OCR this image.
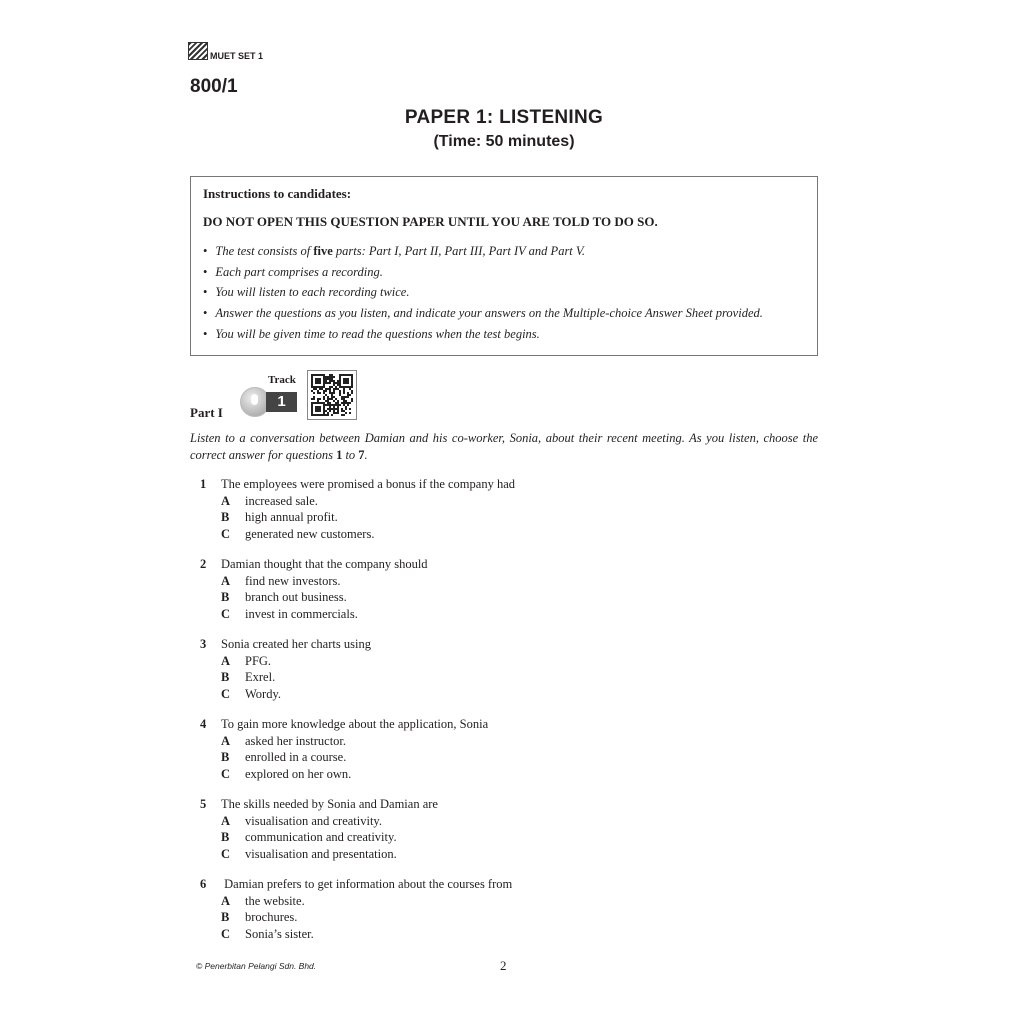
MUET SET 1
800/1
PAPER 1: LISTENING
(Time: 50 minutes)
Instructions to candidates:
DO NOT OPEN THIS QUESTION PAPER UNTIL YOU ARE TOLD TO DO SO.
• The test consists of five parts: Part I, Part II, Part III, Part IV and Part V.
• Each part comprises a recording.
• You will listen to each recording twice.
• Answer the questions as you listen, and indicate your answers on the Multiple-choice Answer Sheet provided.
• You will be given time to read the questions when the test begins.
Part I
Track
1
Listen to a conversation between Damian and his co-worker, Sonia, about their recent meeting. As you listen, choose the correct answer for questions 1 to 7.
1 The employees were promised a bonus if the company had
A increased sale.
B high annual profit.
C generated new customers.
2 Damian thought that the company should
A find new investors.
B branch out business.
C invest in commercials.
3 Sonia created her charts using
A PFG.
B Exrel.
C Wordy.
4 To gain more knowledge about the application, Sonia
A asked her instructor.
B enrolled in a course.
C explored on her own.
5 The skills needed by Sonia and Damian are
A visualisation and creativity.
B communication and creativity.
C visualisation and presentation.
6 Damian prefers to get information about the courses from
A the website.
B brochures.
C Sonia’s sister.
© Penerbitan Pelangi Sdn. Bhd.	2
